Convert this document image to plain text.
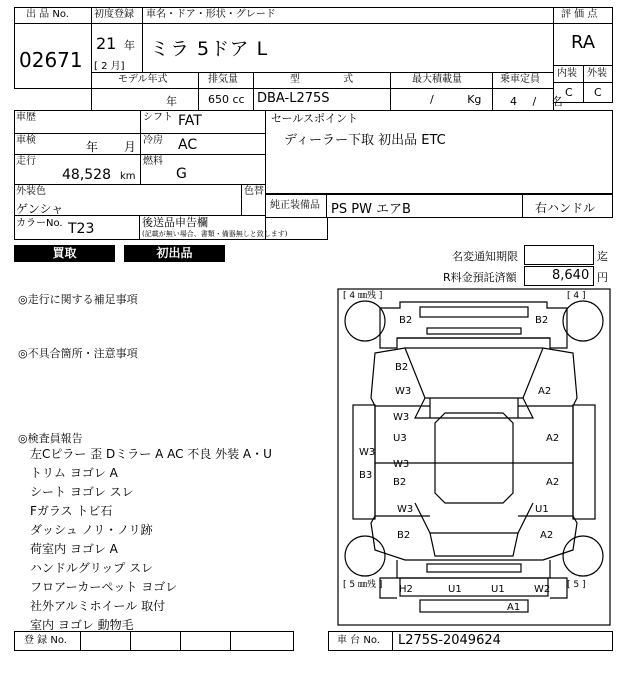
出 品 No.
02671
初度登録 車名・ドア・形状・グレード
21 年
[ 2 月]
ミラ 5ドア L
評 価 点
RA
内装 外装
C C
モデル年式	排気量	型 式	最大積載量	乗車定員
年	650 cc DBA-L275S	/ Kg	4 / 名
車歴	シフト FAT
車検	年 月 冷房 AC
走行
48,528 km
燃料
G
外装色
ゲンシャ
色替
カラーNo. T23	後送品申告欄
(記載が無い場合、書類・備器無しと致します)
セールスポイント
ディーラー下取 初出品 ETC
純正装備品 PS PW エアB	右ハンドル
買取	初出品	名変通知期限	迄
R料金預託済額	8,640 円
◎走行に関する補足事項
◎不具合箇所・注意事項
◎検査員報告
左Cピラー 歪 Dミラー A AC 不良 外装 A・U
トリム ヨゴレ A
シート ヨゴレ スレ
Fガラス トビ石
ダッシュ ノリ・ノリ跡
荷室内 ヨゴレ A
ハンドルグリップ スレ
フロアーカーペット ヨゴレ
社外アルミホイール 取付
室内 ヨゴレ 動物毛
[ 4 ㎜残 ]	[ 4 ]
[ 5 ㎜残 ]	[ 5 ]
B2	B2
B2
W3	A2
W3
U3	A2
W3
B3
W3
B2	A2
W3
B2
U1
A2
H2	U1	U1	W2
A1
登 録 No.	車 台 No. L275S-2049624
